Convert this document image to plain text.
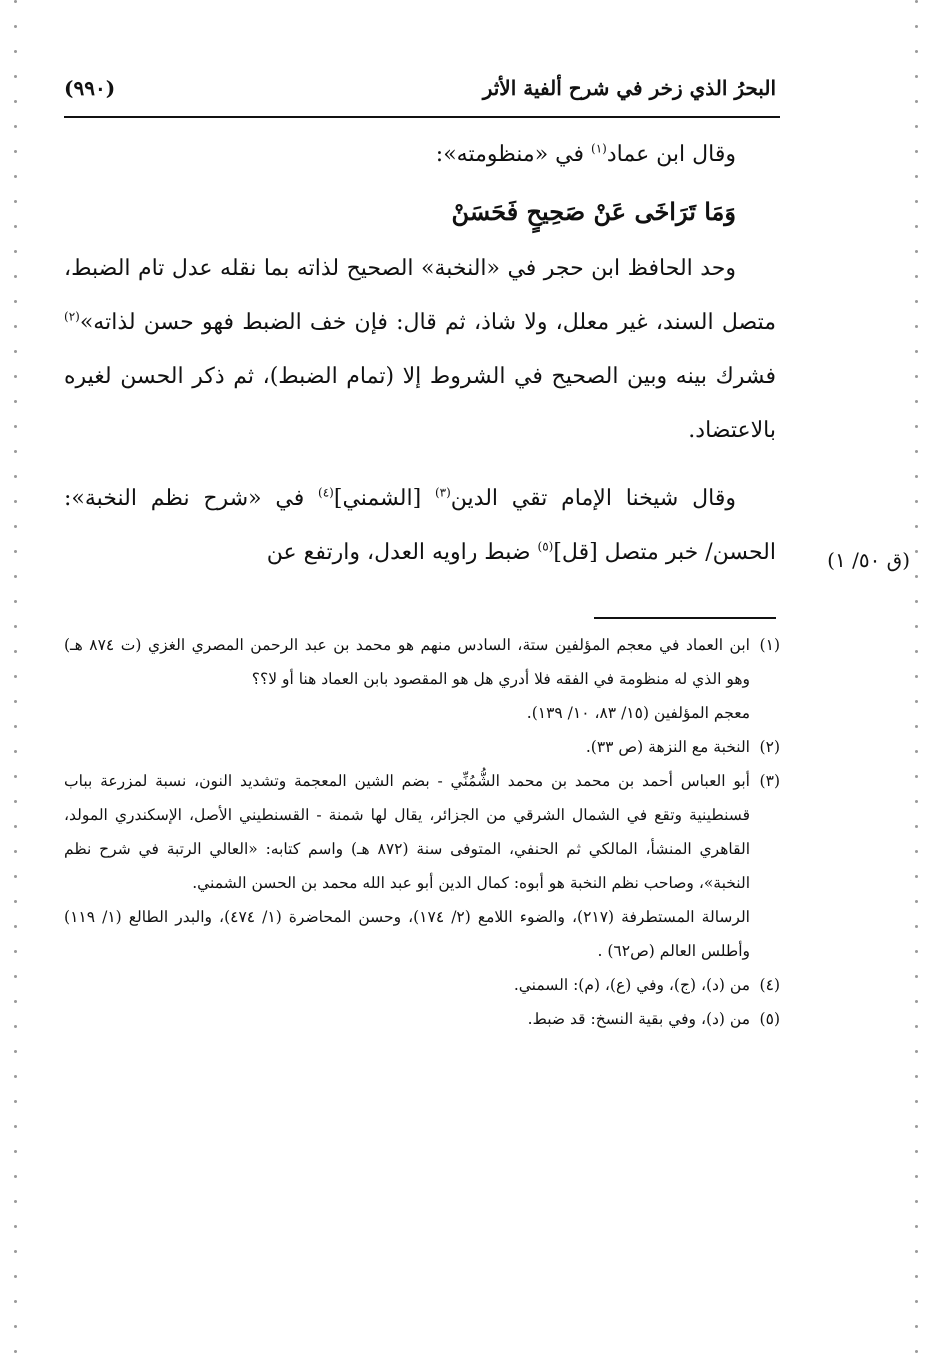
البحرُ الذي زخر في شرح ألفية الأثر
(٩٩٠)

وقال ابن عماد$^{(١)}$ في «منظومته»:

وَمَا تَرَاخَى عَنْ صَحِيحٍ فَحَسَنْ

وحد الحافظ ابن حجر في «النخبة» الصحيح لذاته بما نقله عدل تام الضبط، متصل السند، غير معلل، ولا شاذ، ثم قال: فإن خف الضبط فهو حسن لذاته»$^{(٢)}$ فشرك بينه وبين الصحيح في الشروط إلا (تمام الضبط)، ثم ذكر الحسن لغيره بالاعتضاد.

وقال شيخنا الإمام تقي الدين$^{(٣)}$ [الشمني]$^{(٤)}$ في «شرح نظم النخبة»: الحسن/ خبر متصل [قل]$^{(٥)}$ ضبط راويه العدل، وارتفع عن	(ق ٥٠/ ١)
(١)
ابن العماد في معجم المؤلفين ستة، السادس منهم هو محمد بن عبد الرحمن المصري الغزي (ت ٨٧٤ هـ) وهو الذي له منظومة في الفقه فلا أدري هل هو المقصود بابن العماد هنا أو لا؟؟

معجم المؤلفين (١٥/ ٨٣، ١٠/ ١٣٩).

(٢)
النخبة مع النزهة (ص ٣٣).
(٣)
أبو العباس أحمد بن محمد بن محمد الشُّمُنِّي - بضم الشين المعجمة وتشديد النون، نسبة لمزرعة بباب قسنطينية وتقع في الشمال الشرقي من الجزائر، يقال لها شمنة - القسنطيني الأصل، الإسكندري المولد، القاهري المنشأ، المالكي ثم الحنفي، المتوفى سنة (٨٧٢ هـ) واسم كتابه: «العالي الرتبة في شرح نظم النخبة»، وصاحب نظم النخبة هو أبوه: كمال الدين أبو عبد الله محمد بن الحسن الشمني.

الرسالة المستطرفة (٢١٧)، والضوء اللامع (٢/ ١٧٤)، وحسن المحاضرة (١/ ٤٧٤)، والبدر الطالع (١/ ١١٩) وأطلس العالم (ص٦٢) .

(٤)
من (د)، (ج)، وفي (ع)، (م): السمني.
(٥)
من (د)، وفي بقية النسخ: قد ضبط.
